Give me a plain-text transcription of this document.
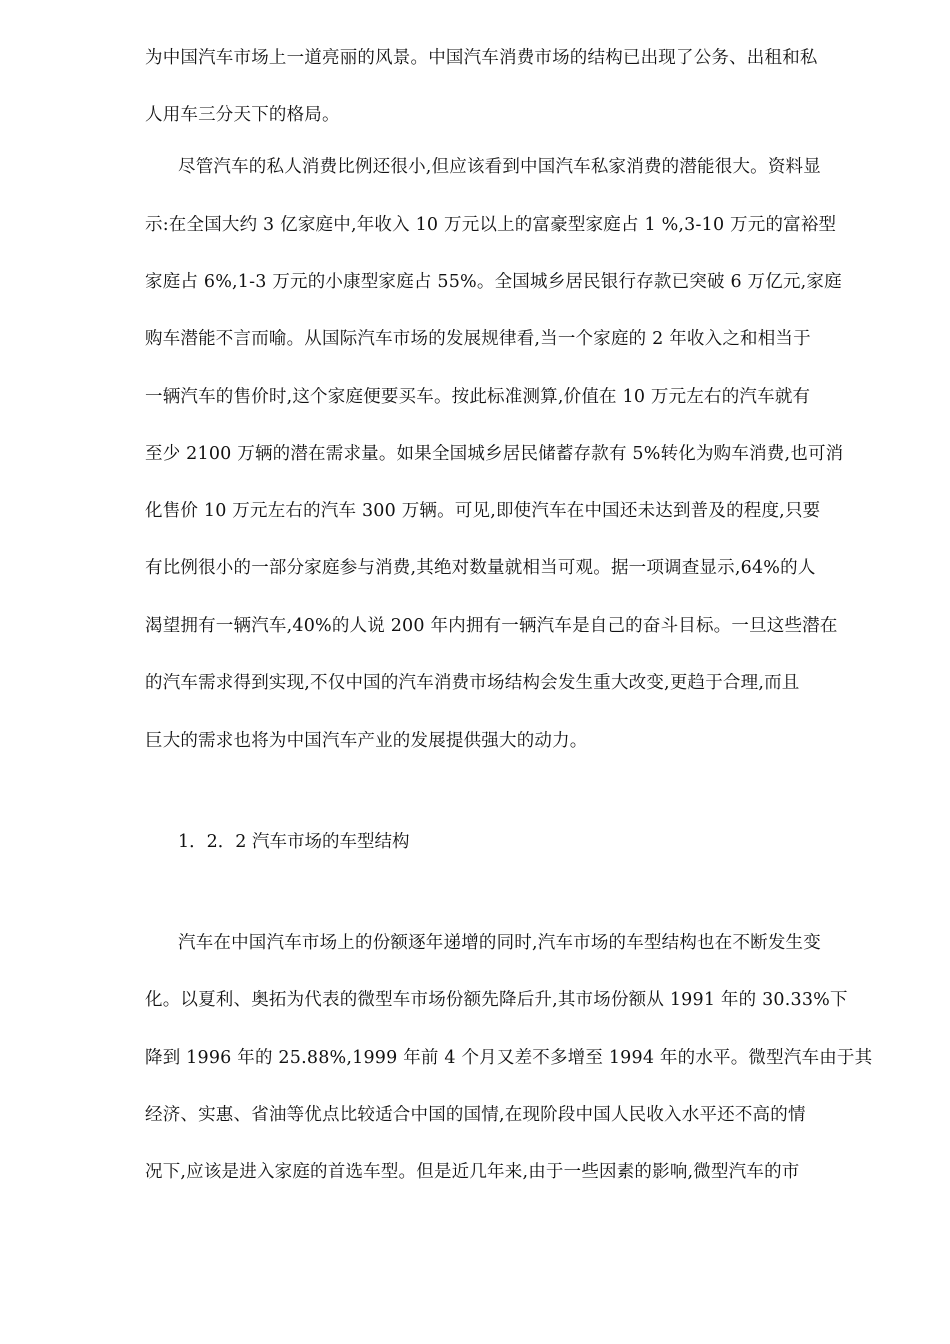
为中国汽车市场上一道亮丽的风景。中国汽车消费市场的结构已出现了公务、出租和私
人用车三分天下的格局。
尽管汽车的私人消费比例还很小,但应该看到中国汽车私家消费的潜能很大。资料显
示:在全国大约 3 亿家庭中,年收入 10 万元以上的富豪型家庭占 1 %,3-10 万元的富裕型
家庭占 6%,1-3 万元的小康型家庭占 55%。全国城乡居民银行存款已突破 6 万亿元,家庭
购车潜能不言而喻。从国际汽车市场的发展规律看,当一个家庭的 2 年收入之和相当于
一辆汽车的售价时,这个家庭便要买车。按此标准测算,价值在 10 万元左右的汽车就有
至少 2100 万辆的潜在需求量。如果全国城乡居民储蓄存款有 5%转化为购车消费,也可消
化售价 10 万元左右的汽车 300 万辆。可见,即使汽车在中国还未达到普及的程度,只要
有比例很小的一部分家庭参与消费,其绝对数量就相当可观。据一项调查显示,64%的人
渴望拥有一辆汽车,40%的人说 200 年内拥有一辆汽车是自己的奋斗目标。一旦这些潜在
的汽车需求得到实现,不仅中国的汽车消费市场结构会发生重大改变,更趋于合理,而且
巨大的需求也将为中国汽车产业的发展提供强大的动力。
1．2．2 汽车市场的车型结构
汽车在中国汽车市场上的份额逐年递增的同时,汽车市场的车型结构也在不断发生变
化。以夏利、奥拓为代表的微型车市场份额先降后升,其市场份额从 1991 年的 30.33%下
降到 1996 年的 25.88%,1999 年前 4 个月又差不多增至 1994 年的水平。微型汽车由于其
经济、实惠、省油等优点比较适合中国的国情,在现阶段中国人民收入水平还不高的情
况下,应该是进入家庭的首选车型。但是近几年来,由于一些因素的影响,微型汽车的市
